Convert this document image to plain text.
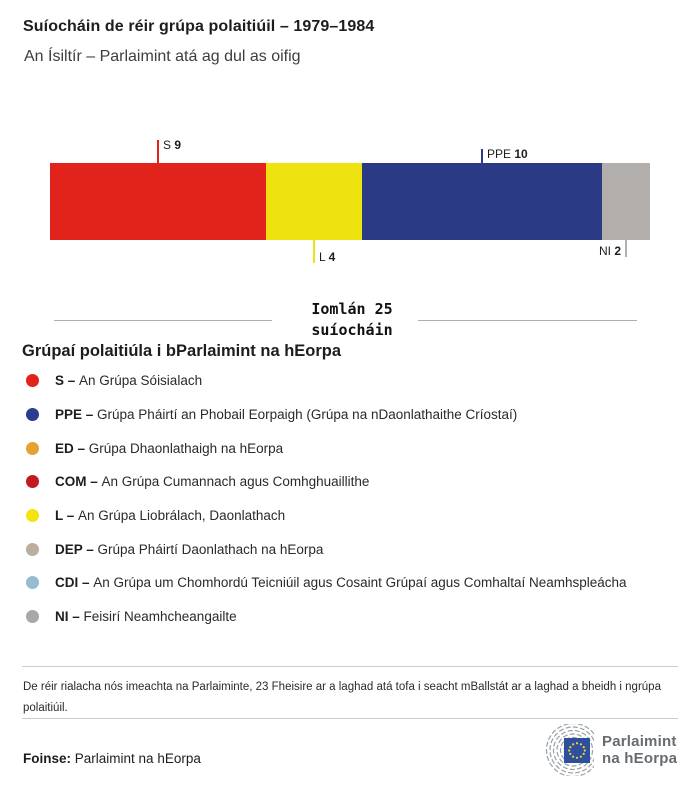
Suíocháin de réir grúpa polaitiúil – 1979–1984
An Ísiltír – Parlaimint atá ag dul as oifig
S 9
L 4
PPE 10
NI 2
Iomlán 25
suíocháin
Grúpaí polaitiúla i bParlaimint na hEorpa
S – An Grúpa Sóisialach
PPE – Grúpa Pháirtí an Phobail Eorpaigh (Grúpa na nDaonlathaithe Críostaí)
ED – Grúpa Dhaonlathaigh na hEorpa
COM – An Grúpa Cumannach agus Comhghuaillithe
L – An Grúpa Liobrálach, Daonlathach
DEP – Grúpa Pháirtí Daonlathach na hEorpa
CDI – An Grúpa um Chomhordú Teicniúil agus Cosaint Grúpaí agus Comhaltaí Neamhspleácha
NI – Feisirí Neamhcheangailte

De réir rialacha nós imeachta na Parlaiminte, 23 Fheisire ar a laghad atá tofa i seacht mBallstát ar a laghad a bheidh i ngrúpa polaitiúil.

Foinse: Parlaimint na hEorpa

Parlaimint
na hEorpa
